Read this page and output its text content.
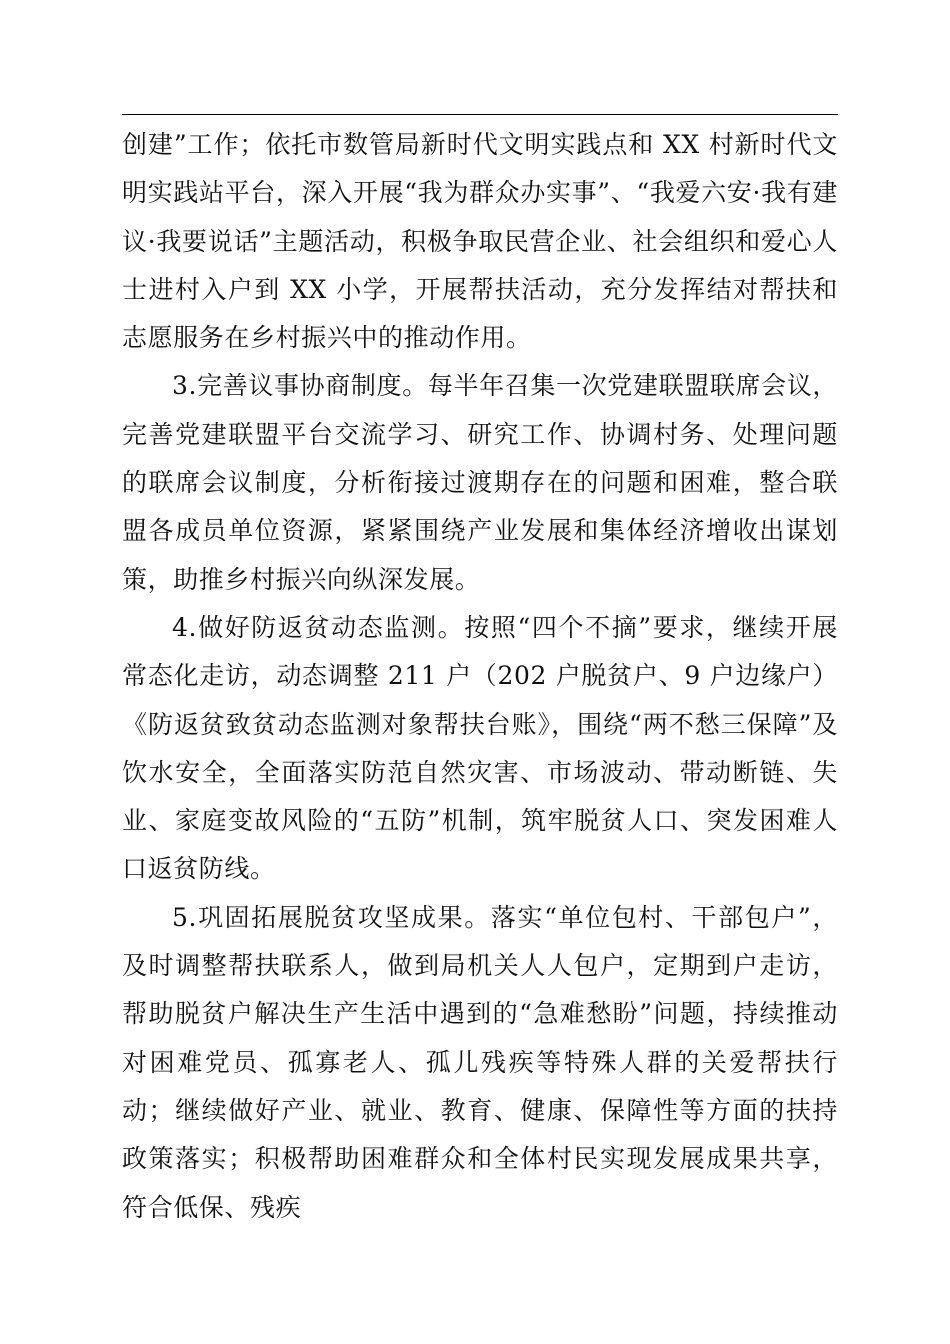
创建”工作；依托市数管局新时代文明实践点和 XX 村新时代文明实践站平台，深入开展“我为群众办实事”、“我爱六安·我有建议·我要说话”主题活动，积极争取民营企业、社会组织和爱心人士进村入户到 XX 小学，开展帮扶活动，充分发挥结对帮扶和志愿服务在乡村振兴中的推动作用。

3.完善议事协商制度。每半年召集一次党建联盟联席会议，完善党建联盟平台交流学习、研究工作、协调村务、处理问题的联席会议制度，分析衔接过渡期存在的问题和困难，整合联盟各成员单位资源，紧紧围绕产业发展和集体经济增收出谋划策，助推乡村振兴向纵深发展。

4.做好防返贫动态监测。按照“四个不摘”要求，继续开展常态化走访，动态调整 211 户（202 户脱贫户、9 户边缘户）《防返贫致贫动态监测对象帮扶台账》，围绕“两不愁三保障”及饮水安全，全面落实防范自然灾害、市场波动、带动断链、失业、家庭变故风险的“五防”机制，筑牢脱贫人口、突发困难人口返贫防线。

5.巩固拓展脱贫攻坚成果。落实“单位包村、干部包户”，及时调整帮扶联系人，做到局机关人人包户，定期到户走访，帮助脱贫户解决生产生活中遇到的“急难愁盼”问题，持续推动对困难党员、孤寡老人、孤儿残疾等特殊人群的关爱帮扶行动；继续做好产业、就业、教育、健康、保障性等方面的扶持政策落实；积极帮助困难群众和全体村民实现发展成果共享，符合低保、残疾
